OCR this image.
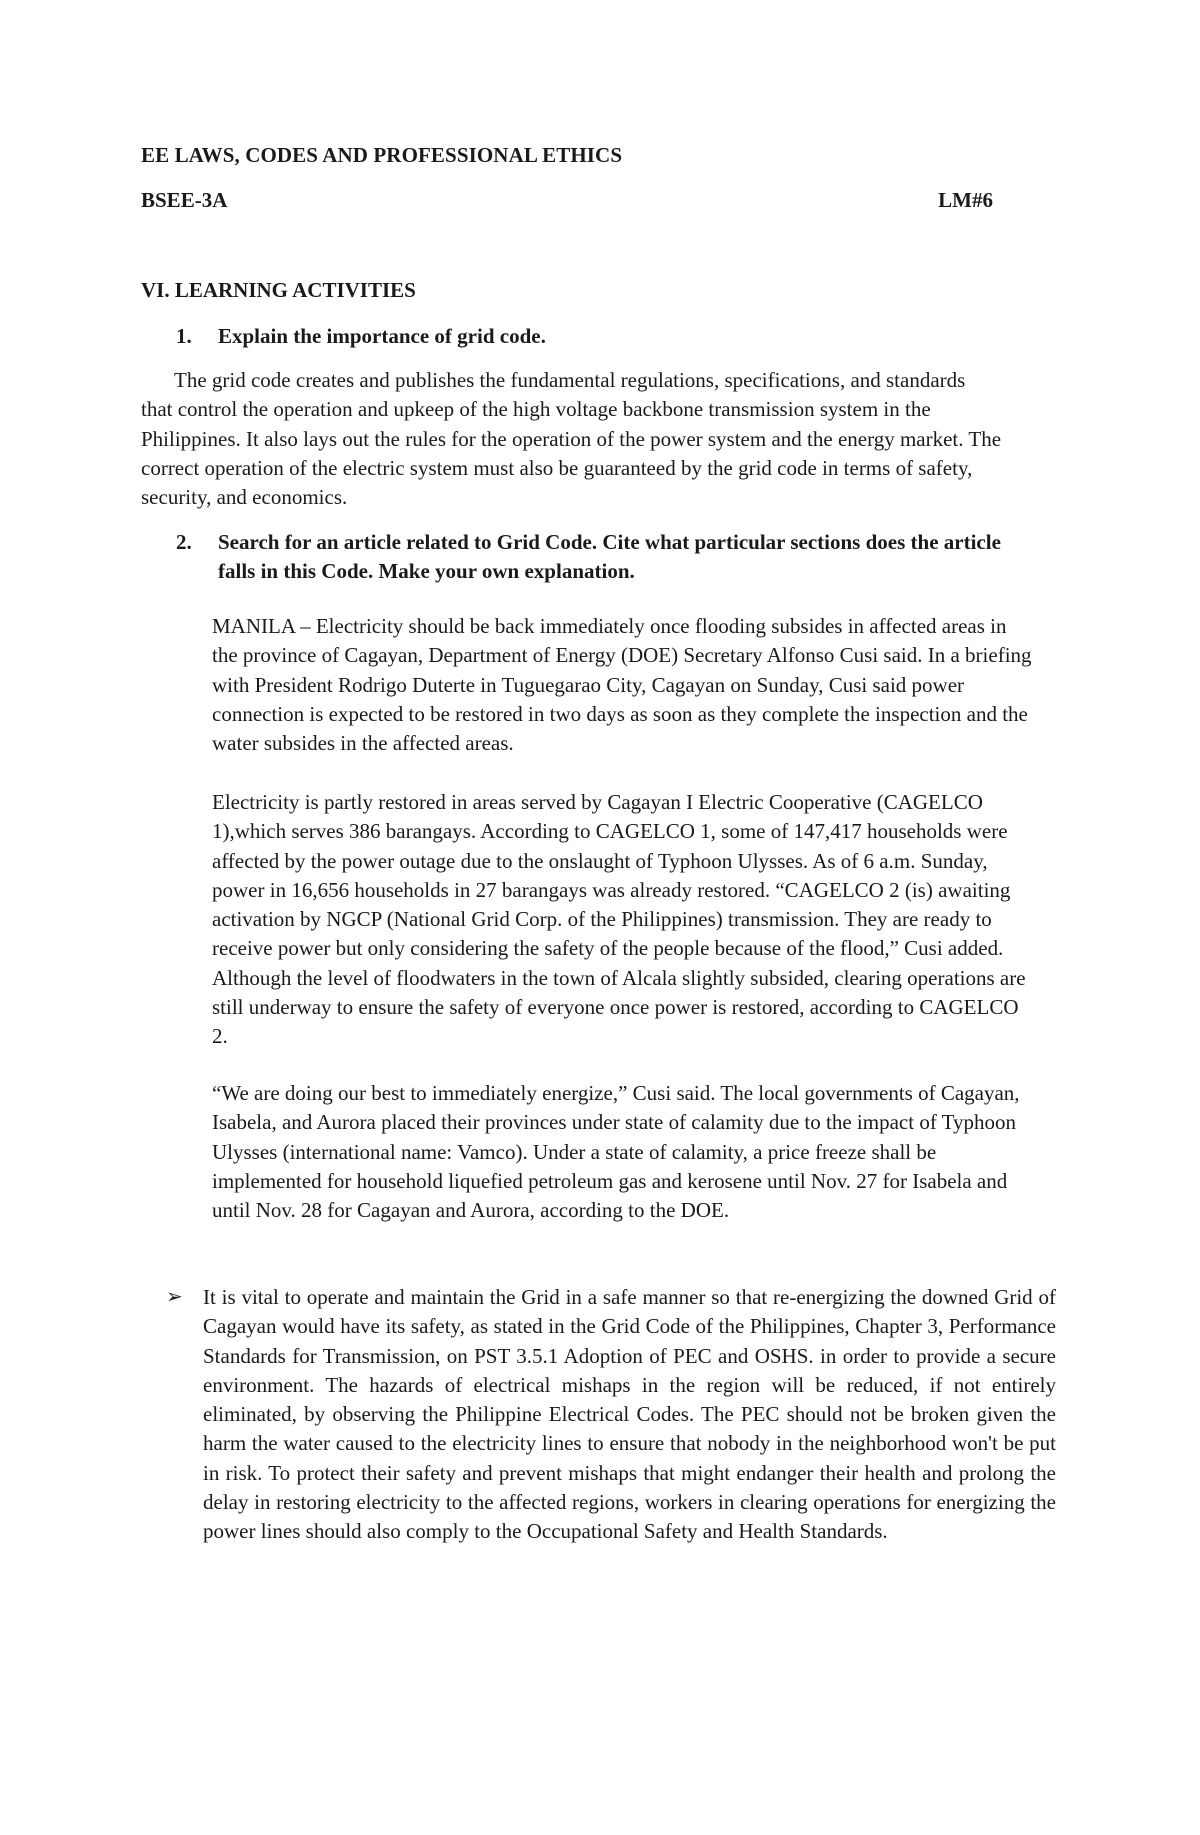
EE LAWS, CODES AND PROFESSIONAL ETHICS
BSEE-3A	LM#6
VI. LEARNING ACTIVITIES
1. Explain the importance of grid code.
The grid code creates and publishes the fundamental regulations, specifications, and standards that control the operation and upkeep of the high voltage backbone transmission system in the Philippines. It also lays out the rules for the operation of the power system and the energy market. The correct operation of the electric system must also be guaranteed by the grid code in terms of safety, security, and economics.
2. Search for an article related to Grid Code. Cite what particular sections does the article falls in this Code. Make your own explanation.
MANILA – Electricity should be back immediately once flooding subsides in affected areas in the province of Cagayan, Department of Energy (DOE) Secretary Alfonso Cusi said. In a briefing with President Rodrigo Duterte in Tuguegarao City, Cagayan on Sunday, Cusi said power connection is expected to be restored in two days as soon as they complete the inspection and the water subsides in the affected areas.
Electricity is partly restored in areas served by Cagayan I Electric Cooperative (CAGELCO 1),which serves 386 barangays. According to CAGELCO 1, some of 147,417 households were affected by the power outage due to the onslaught of Typhoon Ulysses. As of 6 a.m. Sunday, power in 16,656 households in 27 barangays was already restored. “CAGELCO 2 (is) awaiting activation by NGCP (National Grid Corp. of the Philippines) transmission. They are ready to receive power but only considering the safety of the people because of the flood,” Cusi added. Although the level of floodwaters in the town of Alcala slightly subsided, clearing operations are still underway to ensure the safety of everyone once power is restored, according to CAGELCO 2.
“We are doing our best to immediately energize,” Cusi said. The local governments of Cagayan, Isabela, and Aurora placed their provinces under state of calamity due to the impact of Typhoon Ulysses (international name: Vamco). Under a state of calamity, a price freeze shall be implemented for household liquefied petroleum gas and kerosene until Nov. 27 for Isabela and until Nov. 28 for Cagayan and Aurora, according to the DOE.
➢ It is vital to operate and maintain the Grid in a safe manner so that re-energizing the downed Grid of Cagayan would have its safety, as stated in the Grid Code of the Philippines, Chapter 3, Performance Standards for Transmission, on PST 3.5.1 Adoption of PEC and OSHS. in order to provide a secure environment. The hazards of electrical mishaps in the region will be reduced, if not entirely eliminated, by observing the Philippine Electrical Codes. The PEC should not be broken given the harm the water caused to the electricity lines to ensure that nobody in the neighborhood won't be put in risk. To protect their safety and prevent mishaps that might endanger their health and prolong the delay in restoring electricity to the affected regions, workers in clearing operations for energizing the power lines should also comply to the Occupational Safety and Health Standards.
